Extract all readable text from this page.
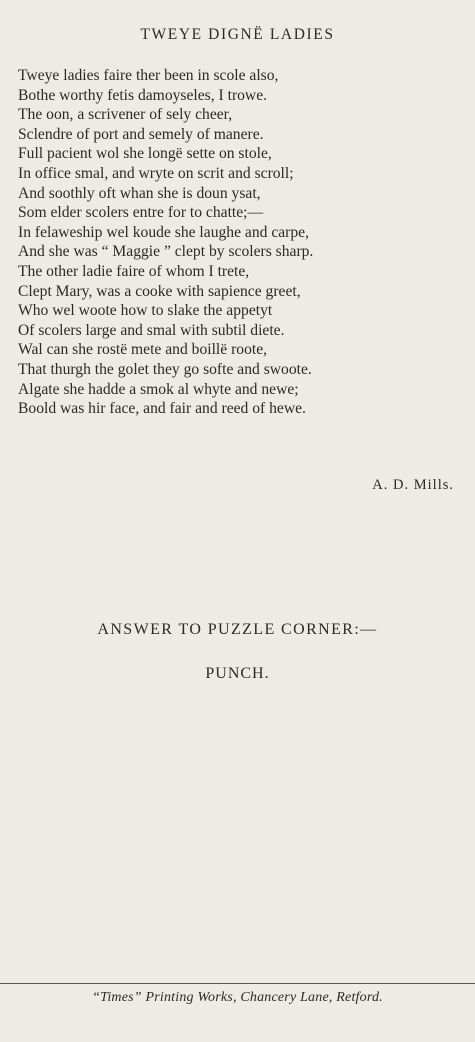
TWEYE DIGNË LADIES
Tweye ladies faire ther been in scole also,
Bothe worthy fetis damoyseles, I trowe.
The oon, a scrivener of sely cheer,
Sclendre of port and semely of manere.
Full pacient wol she longë sette on stole,
In office smal, and wryte on scrit and scroll;
And soothly oft whan she is doun ysat,
Som elder scolers entre for to chatte;—
In felaweship wel koude she laughe and carpe,
And she was “ Maggie ” clept by scolers sharp.
The other ladie faire of whom I trete,
Clept Mary, was a cooke with sapience greet,
Who wel woote how to slake the appetyt
Of scolers large and smal with subtil diete.
Wal can she rostë mete and boillë roote,
That thurgh the golet they go softe and swoote.
Algate she hadde a smok al whyte and newe;
Boold was hir face, and fair and reed of hewe.
A. D. Mills.
ANSWER TO PUZZLE CORNER:—
PUNCH.
“Times” Printing Works, Chancery Lane, Retford.
